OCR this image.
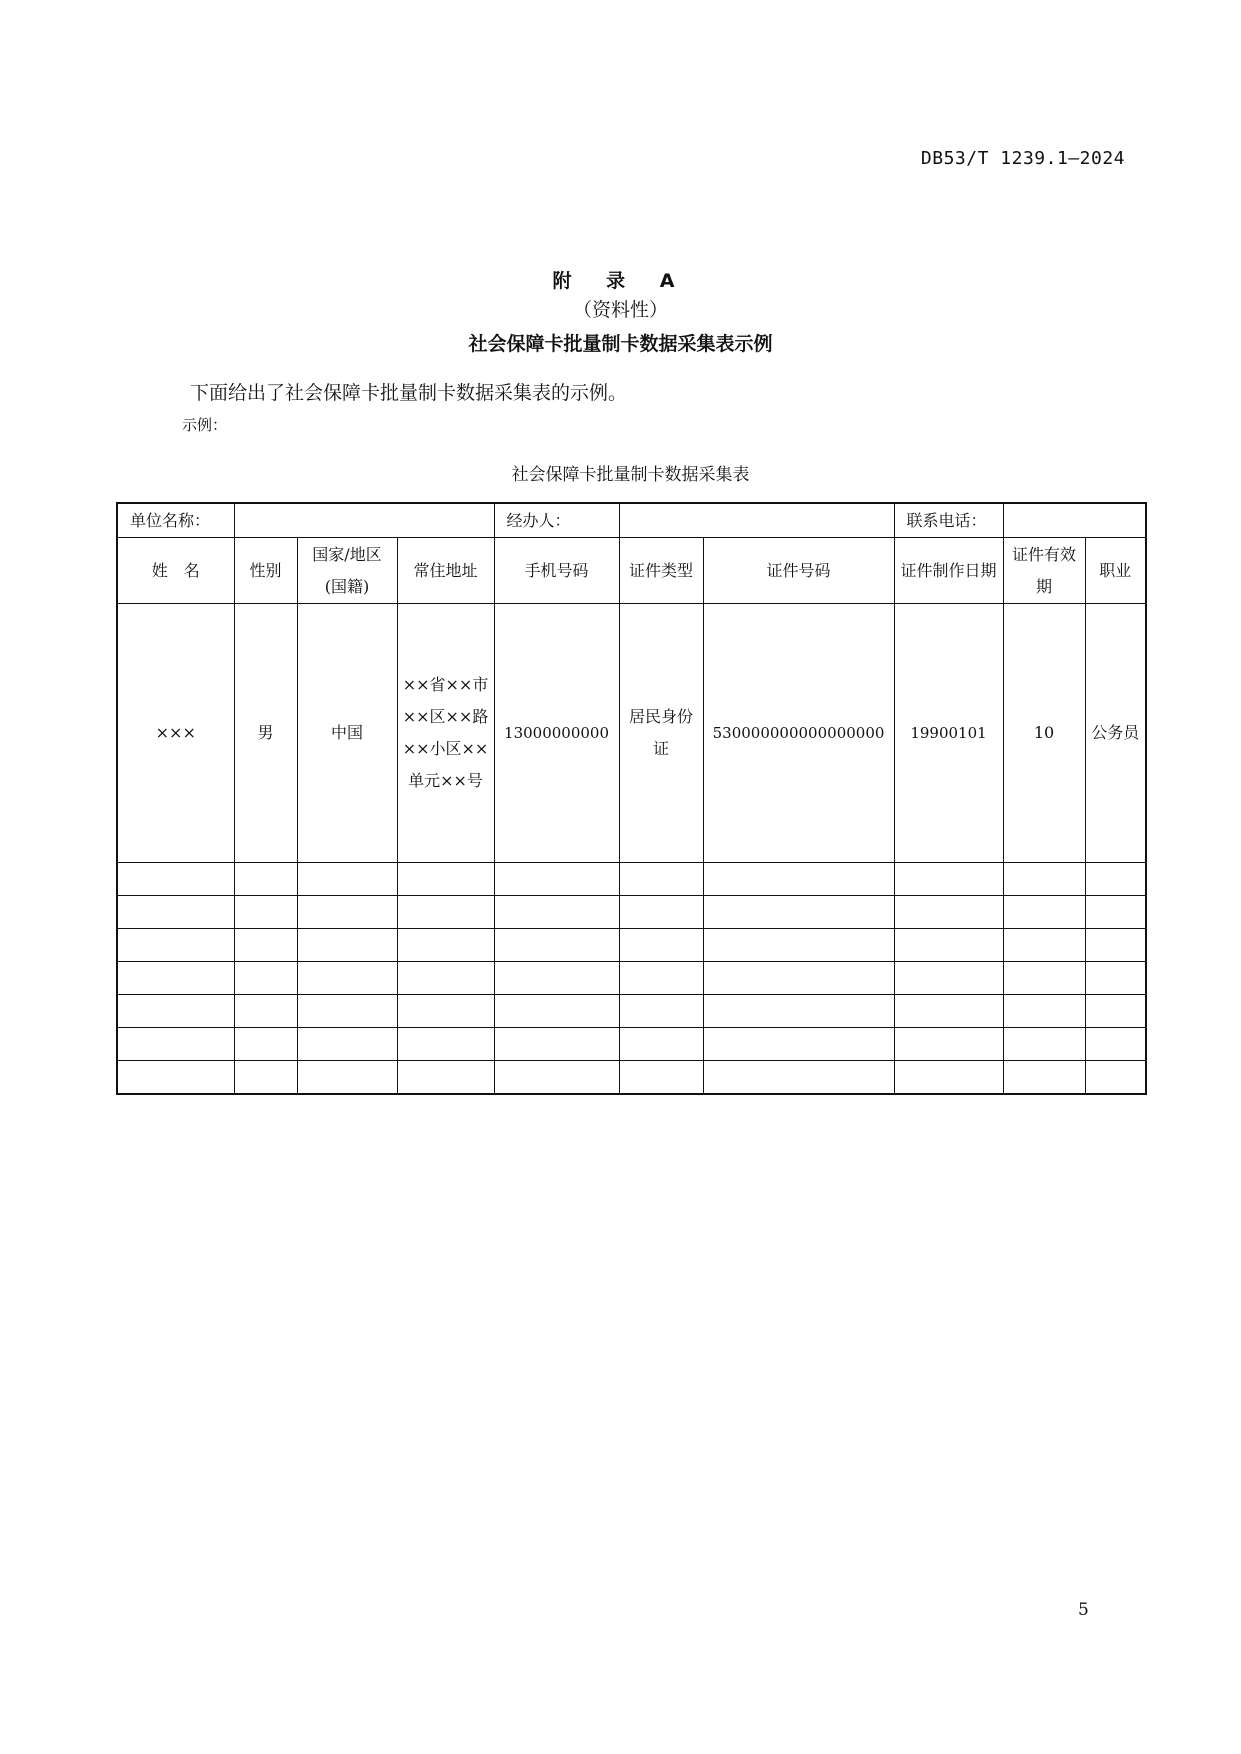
DB53/T 1239.1—2024
附 录 A
（资料性）
社会保障卡批量制卡数据采集表示例
下面给出了社会保障卡批量制卡数据采集表的示例。
示例：
社会保障卡批量制卡数据采集表
单位名称：				经办人：			联系电话：		
姓　名	性别	国家/地区(国籍)	常住地址	手机号码	证件类型	证件号码	证件制作日期	证件有效期	职业
×××	男	中国	××省××市××区××路××小区××单元××号	13000000000	居民身份证	530000000000000000	19900101	10	公务员

5
